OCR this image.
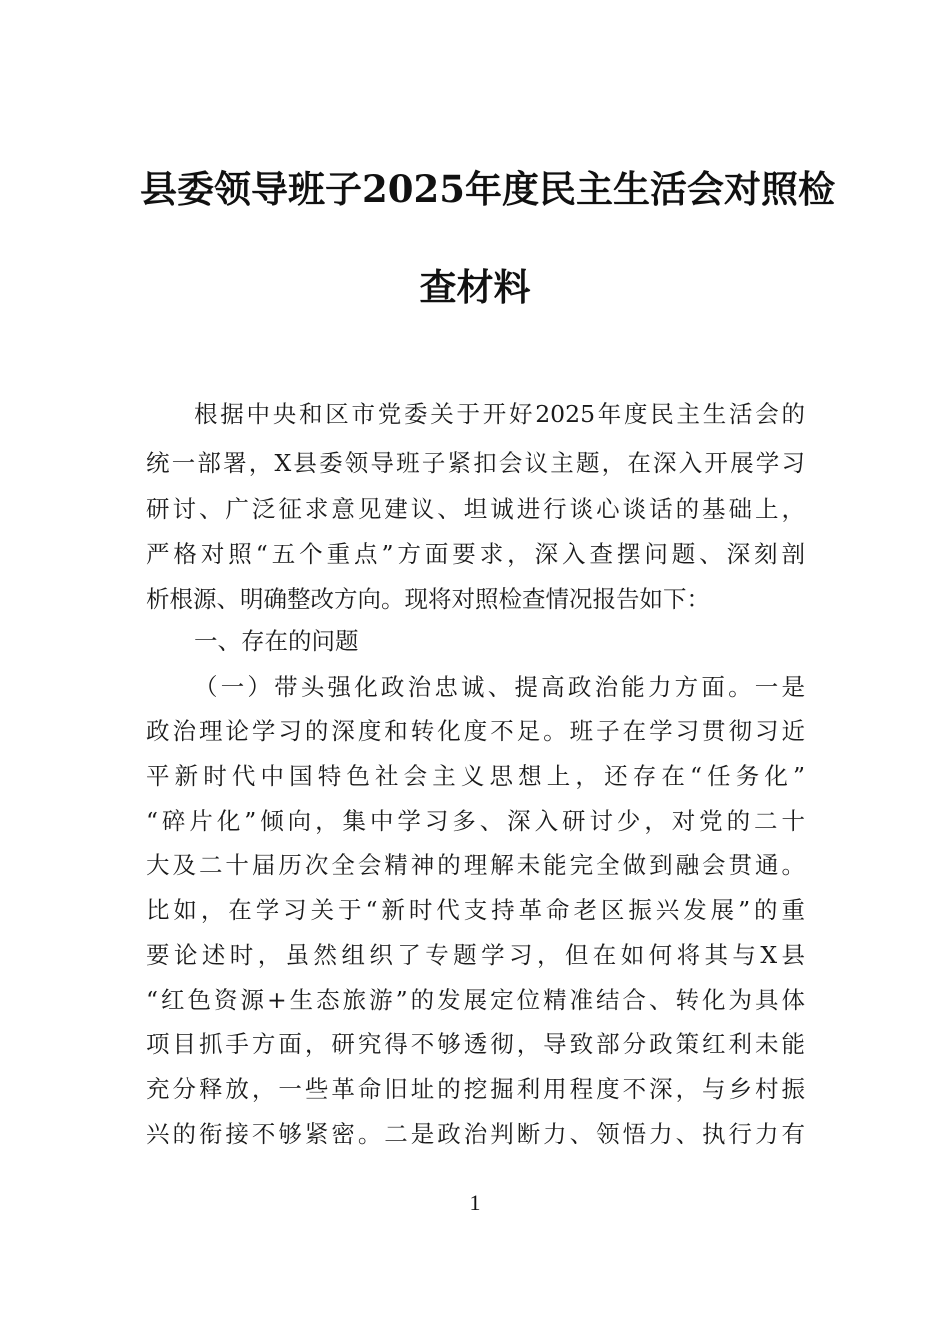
县委领导班子2025年度民主生活会对照检
查材料
根据中央和区市党委关于开好2025年度民主生活会的
统一部署，X县委领导班子紧扣会议主题，在深入开展学习
研讨、广泛征求意见建议、坦诚进行谈心谈话的基础上，
严格对照“五个重点”方面要求，深入查摆问题、深刻剖
析根源、明确整改方向。现将对照检查情况报告如下：
一、存在的问题
（一）带头强化政治忠诚、提高政治能力方面。一是
政治理论学习的深度和转化度不足。班子在学习贯彻习近
平新时代中国特色社会主义思想上，还存在“任务化”
“碎片化”倾向，集中学习多、深入研讨少，对党的二十
大及二十届历次全会精神的理解未能完全做到融会贯通。
比如，在学习关于“新时代支持革命老区振兴发展”的重
要论述时，虽然组织了专题学习，但在如何将其与X县
“红色资源+生态旅游”的发展定位精准结合、转化为具体
项目抓手方面，研究得不够透彻，导致部分政策红利未能
充分释放，一些革命旧址的挖掘利用程度不深，与乡村振
兴的衔接不够紧密。二是政治判断力、领悟力、执行力有
1
